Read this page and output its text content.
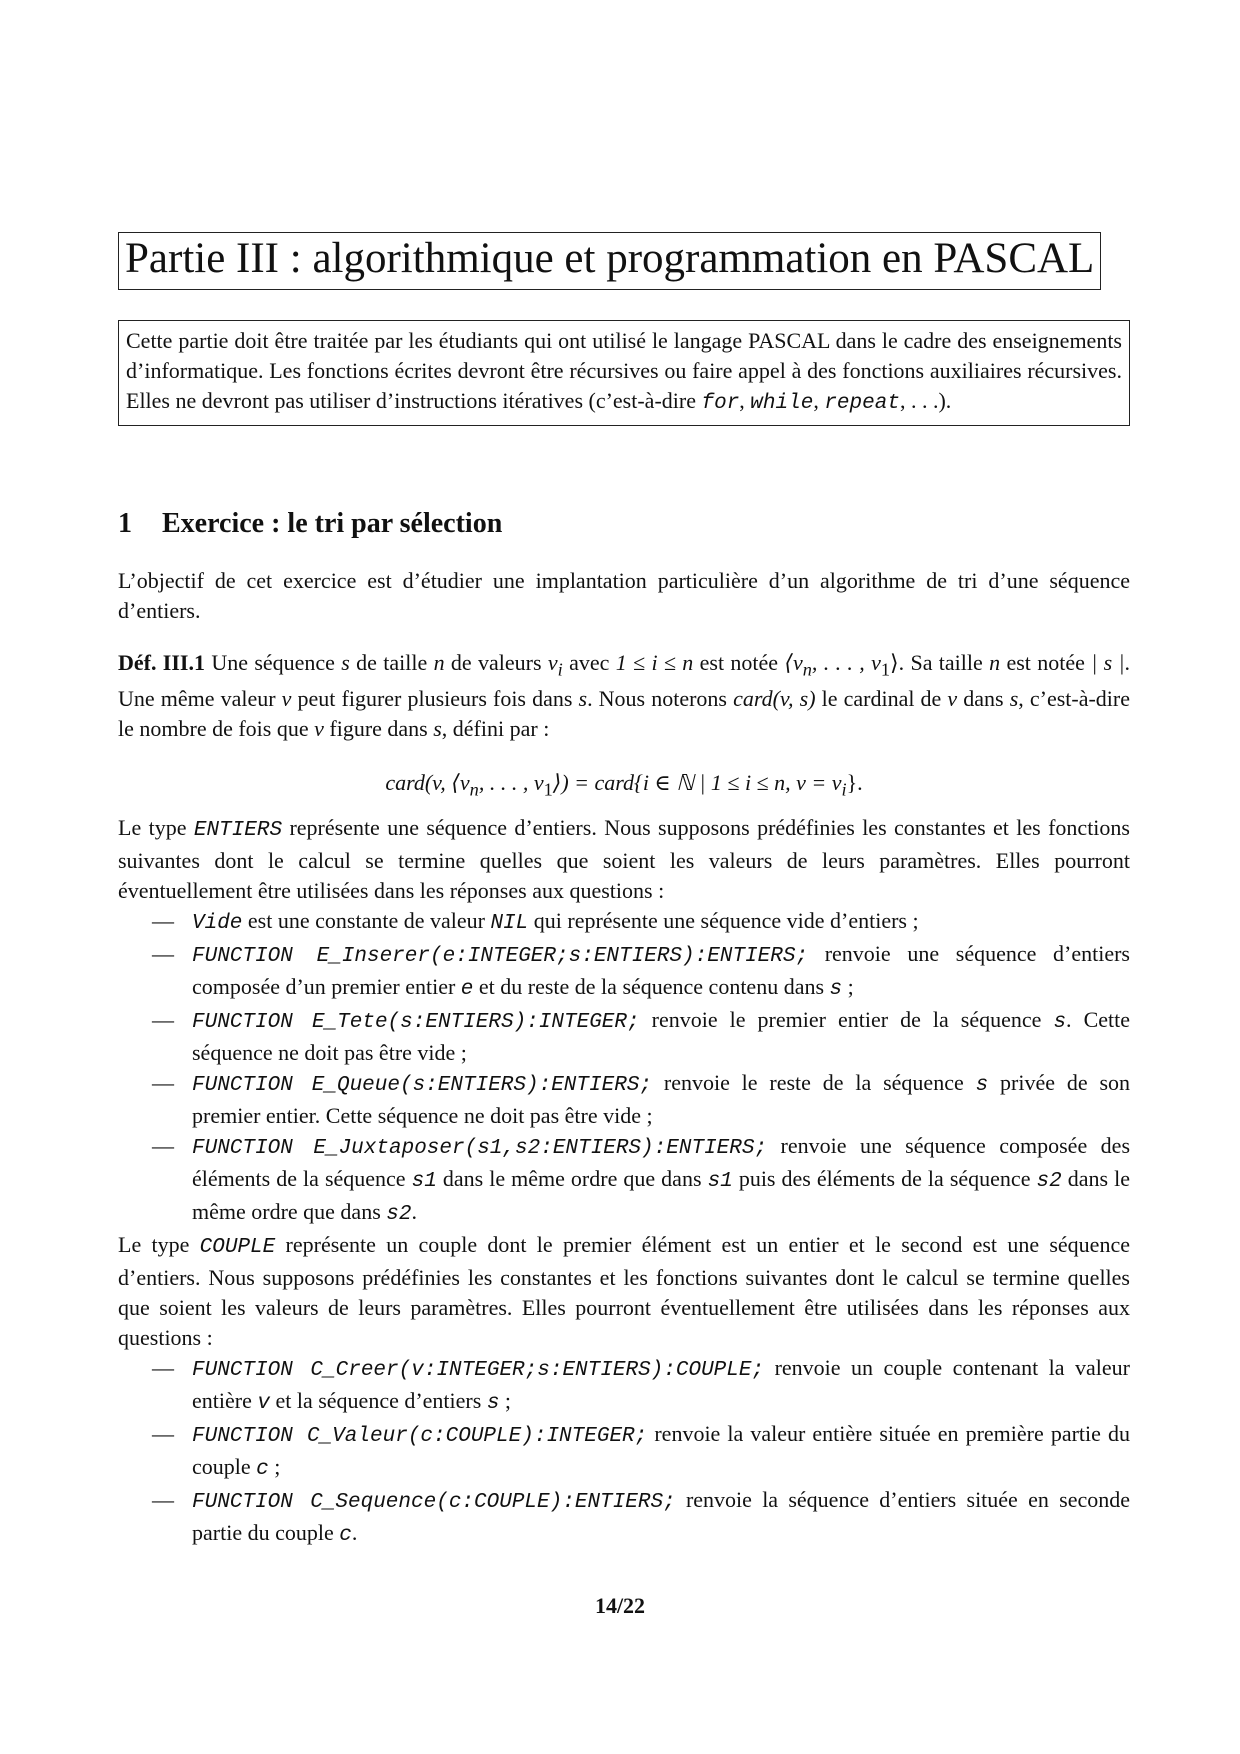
Partie III : algorithmique et programmation en PASCAL
Cette partie doit être traitée par les étudiants qui ont utilisé le langage PASCAL dans le cadre des enseignements d’informatique. Les fonctions écrites devront être récursives ou faire appel à des fonctions auxiliaires récursives. Elles ne devront pas utiliser d’instructions itératives (c’est-à-dire for, while, repeat, . . .).
1 Exercice : le tri par sélection

L’objectif de cet exercice est d’étudier une implantation particulière d’un algorithme de tri d’une séquence d’entiers.

Déf. III.1 Une séquence s de taille n de valeurs $v_i$ avec 1 ≤ i ≤ n est notée $⟨v_n$, . . . , $v_1⟩$. Sa taille n est notée | s |. Une même valeur v peut figurer plusieurs fois dans s. Nous noterons card(v, s) le cardinal de v dans s, c’est-à-dire le nombre de fois que v figure dans s, défini par :

card(v, $⟨v_n$, . . . , $v_1⟩$) = card{i ∈ ℕ | 1 ≤ i ≤ n, $v = v_i$}.

Le type ENTIERS représente une séquence d’entiers. Nous supposons prédéfinies les constantes et les fonctions suivantes dont le calcul se termine quelles que soient les valeurs de leurs paramètres. Elles pourront éventuellement être utilisées dans les réponses aux questions :

— Vide est une constante de valeur NIL qui représente une séquence vide d’entiers ;
— FUNCTION E_Inserer(e:INTEGER;s:ENTIERS):ENTIERS; renvoie une séquence d’entiers composée d’un premier entier e et du reste de la séquence contenu dans s ;
— FUNCTION E_Tete(s:ENTIERS):INTEGER; renvoie le premier entier de la séquence s. Cette séquence ne doit pas être vide ;
— FUNCTION E_Queue(s:ENTIERS):ENTIERS; renvoie le reste de la séquence s privée de son premier entier. Cette séquence ne doit pas être vide ;
— FUNCTION E_Juxtaposer(s1,s2:ENTIERS):ENTIERS; renvoie une séquence composée des éléments de la séquence s1 dans le même ordre que dans s1 puis des éléments de la séquence s2 dans le même ordre que dans s2.

Le type COUPLE représente un couple dont le premier élément est un entier et le second est une séquence d’entiers. Nous supposons prédéfinies les constantes et les fonctions suivantes dont le calcul se termine quelles que soient les valeurs de leurs paramètres. Elles pourront éventuellement être utilisées dans les réponses aux questions :

— FUNCTION C_Creer(v:INTEGER;s:ENTIERS):COUPLE; renvoie un couple contenant la valeur entière v et la séquence d’entiers s ;
— FUNCTION C_Valeur(c:COUPLE):INTEGER; renvoie la valeur entière située en première partie du couple c ;
— FUNCTION C_Sequence(c:COUPLE):ENTIERS; renvoie la séquence d’entiers située en seconde partie du couple c.
14/22
